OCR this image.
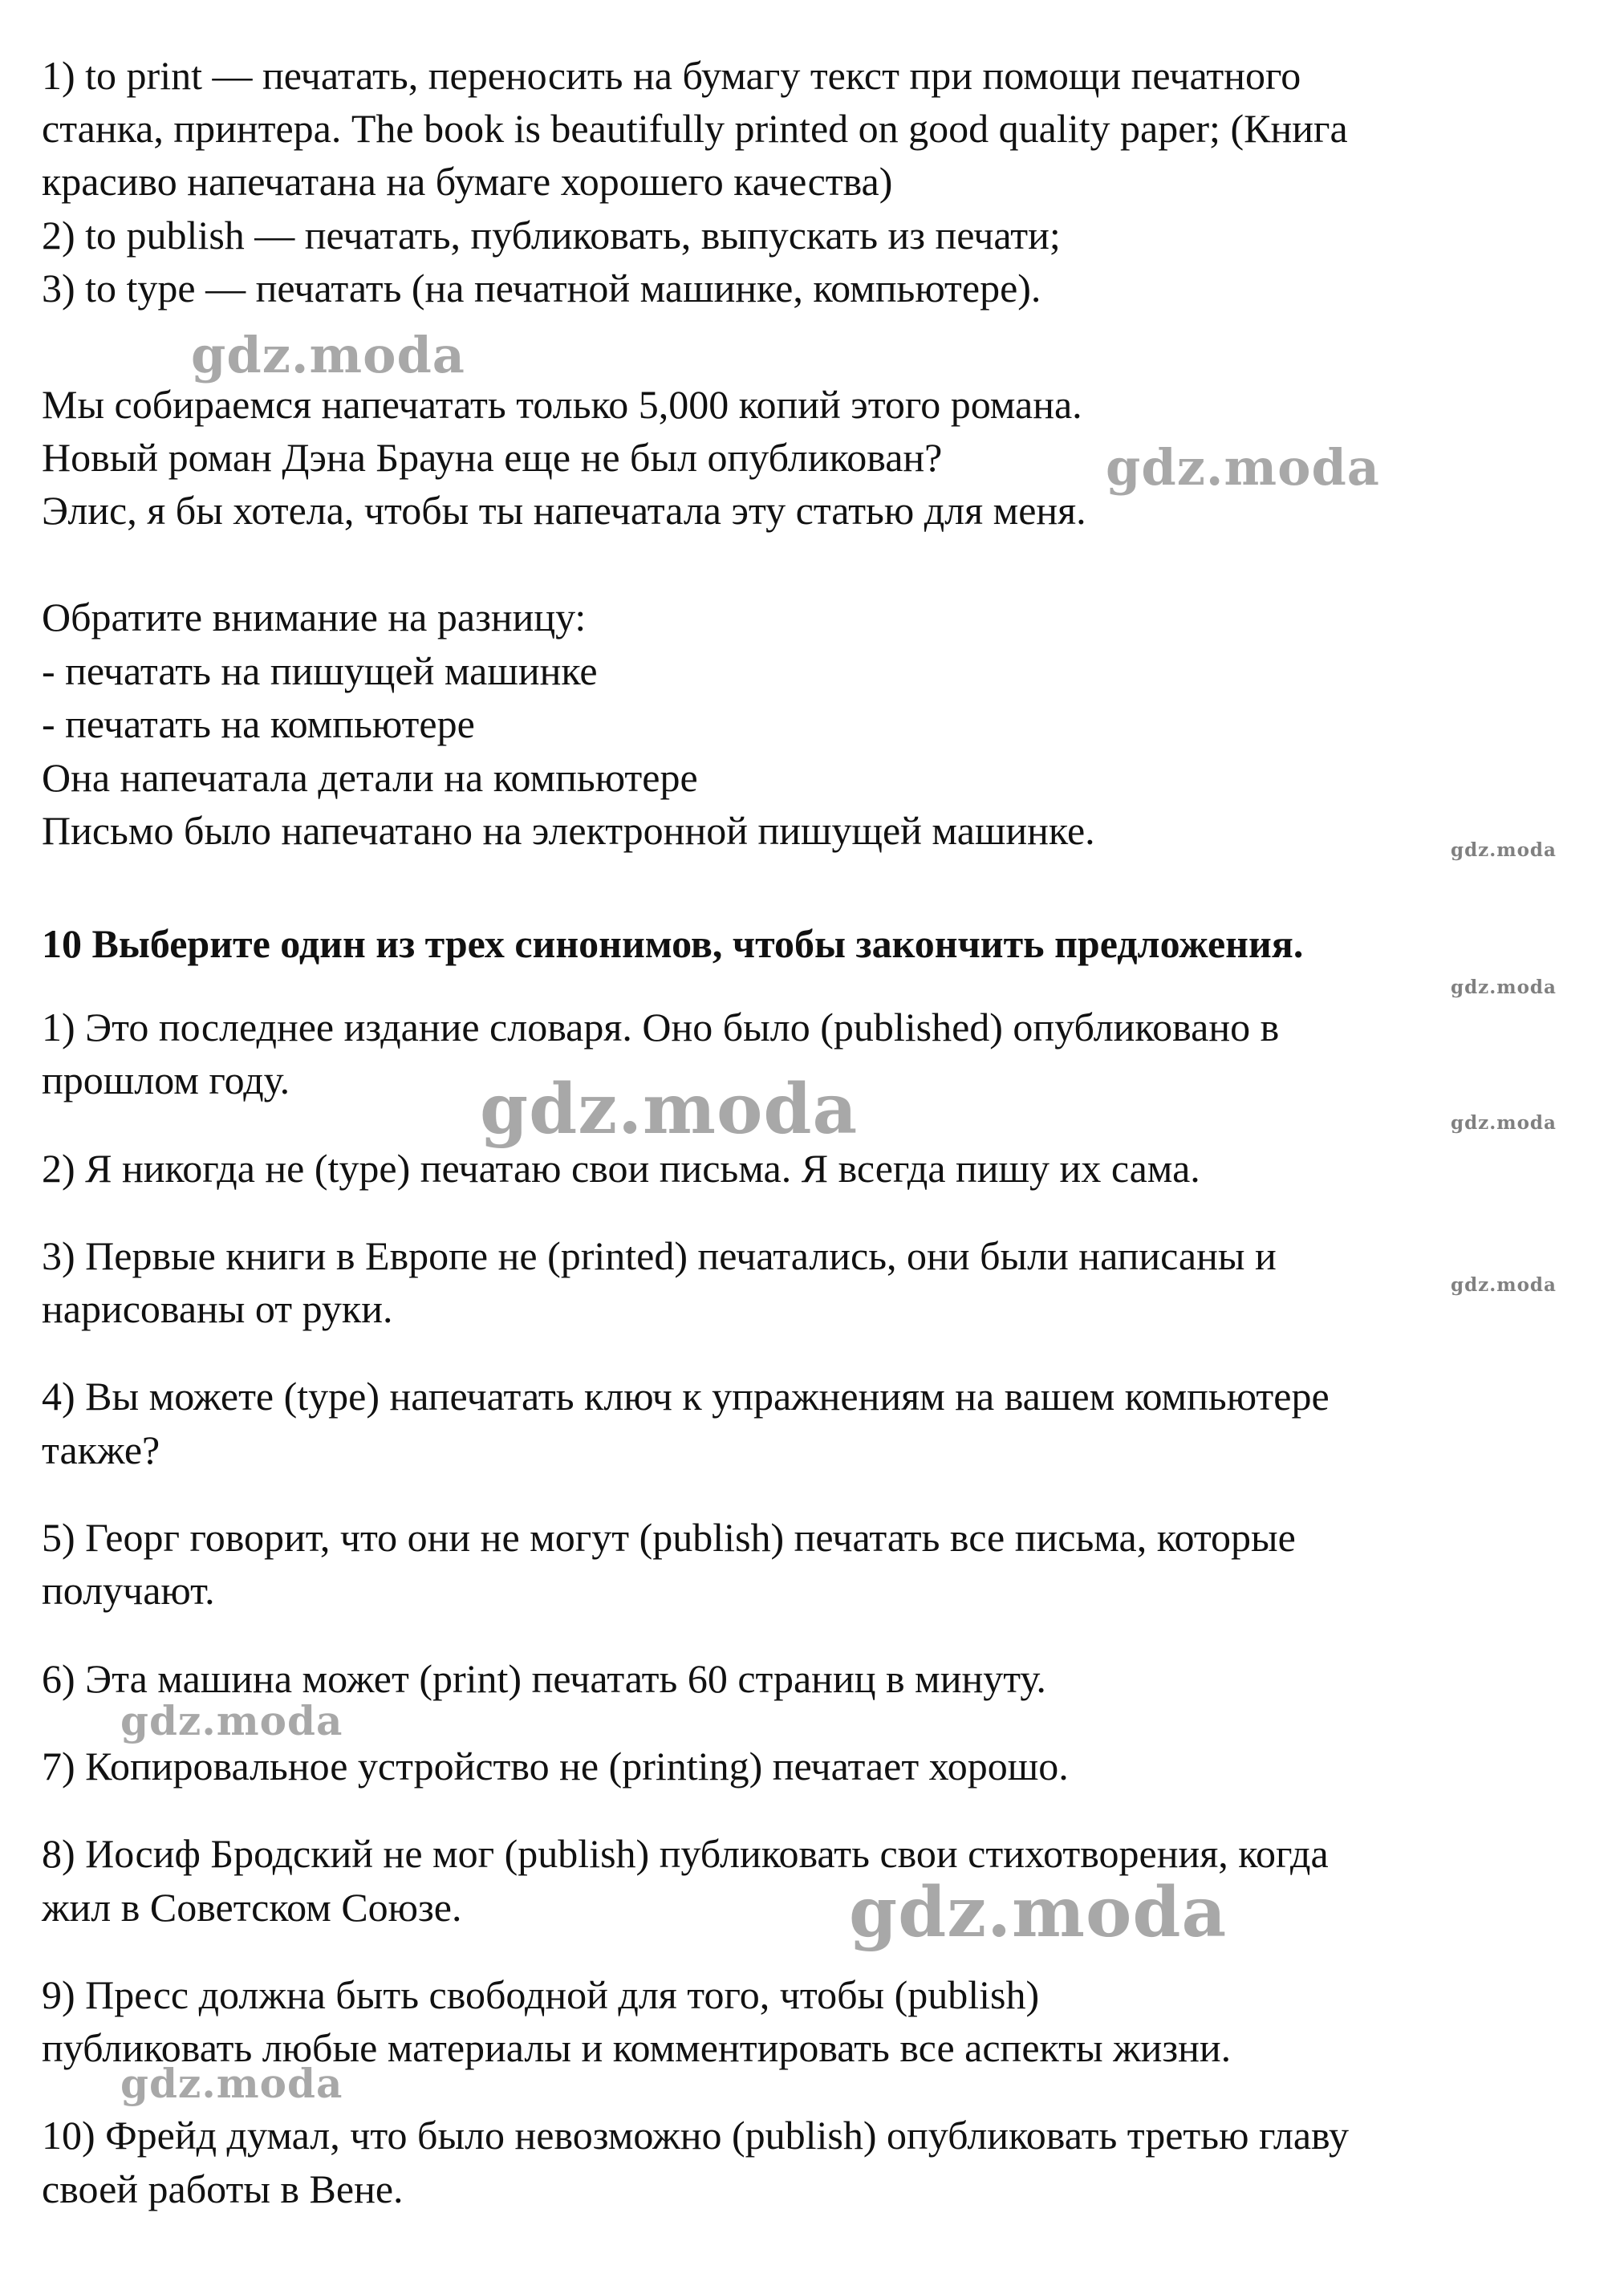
1) to print — печатать, переносить на бумагу текст при помощи печатного

станка, принтера. The book is beautifully printed on good quality paper; (Книга

красиво напечатана на бумаге хорошего качества)

2) to publish — печатать, публиковать, выпускать из печати;

3) to type — печатать (на печатной машинке, компьютере).

Мы собираемся напечатать только 5,000 копий этого романа.

Новый роман Дэна Брауна еще не был опубликован?

Элис, я бы хотела, чтобы ты напечатала эту статью для меня.

Обратите внимание на разницу:

- печатать на пишущей машинке

- печатать на компьютере

Она напечатала детали на компьютере

Письмо было напечатано на электронной пишущей машинке.

10 Выберите один из трех синонимов, чтобы закончить предложения.

1) Это последнее издание словаря. Оно было (published) опубликовано в

прошлом году.

2) Я никогда не (type) печатаю свои письма. Я всегда пишу их сама.

3) Первые книги в Европе не (printed) печатались, они были написаны и

нарисованы от руки.

4) Вы можете (type) напечатать ключ к упражнениям на вашем компьютере

также?

5) Георг говорит, что они не могут (publish) печатать все письма, которые

получают.

6) Эта машина может (print) печатать 60 страниц в минуту.

7) Копировальное устройство не (printing) печатает хорошо.

8) Иосиф Бродский не мог (publish) публиковать свои стихотворения, когда

жил в Советском Союзе.

9) Пресс должна быть свободной для того, чтобы (publish)

публиковать любые материалы и комментировать все аспекты жизни.

10) Фрейд думал, что было невозможно (publish) опубликовать третью главу

своей работы в Вене.

gdz.moda
gdz.moda
gdz.moda
gdz.moda
gdz.moda	gdz.moda
gdz.moda
gdz.moda
gdz.moda
gdz.moda
